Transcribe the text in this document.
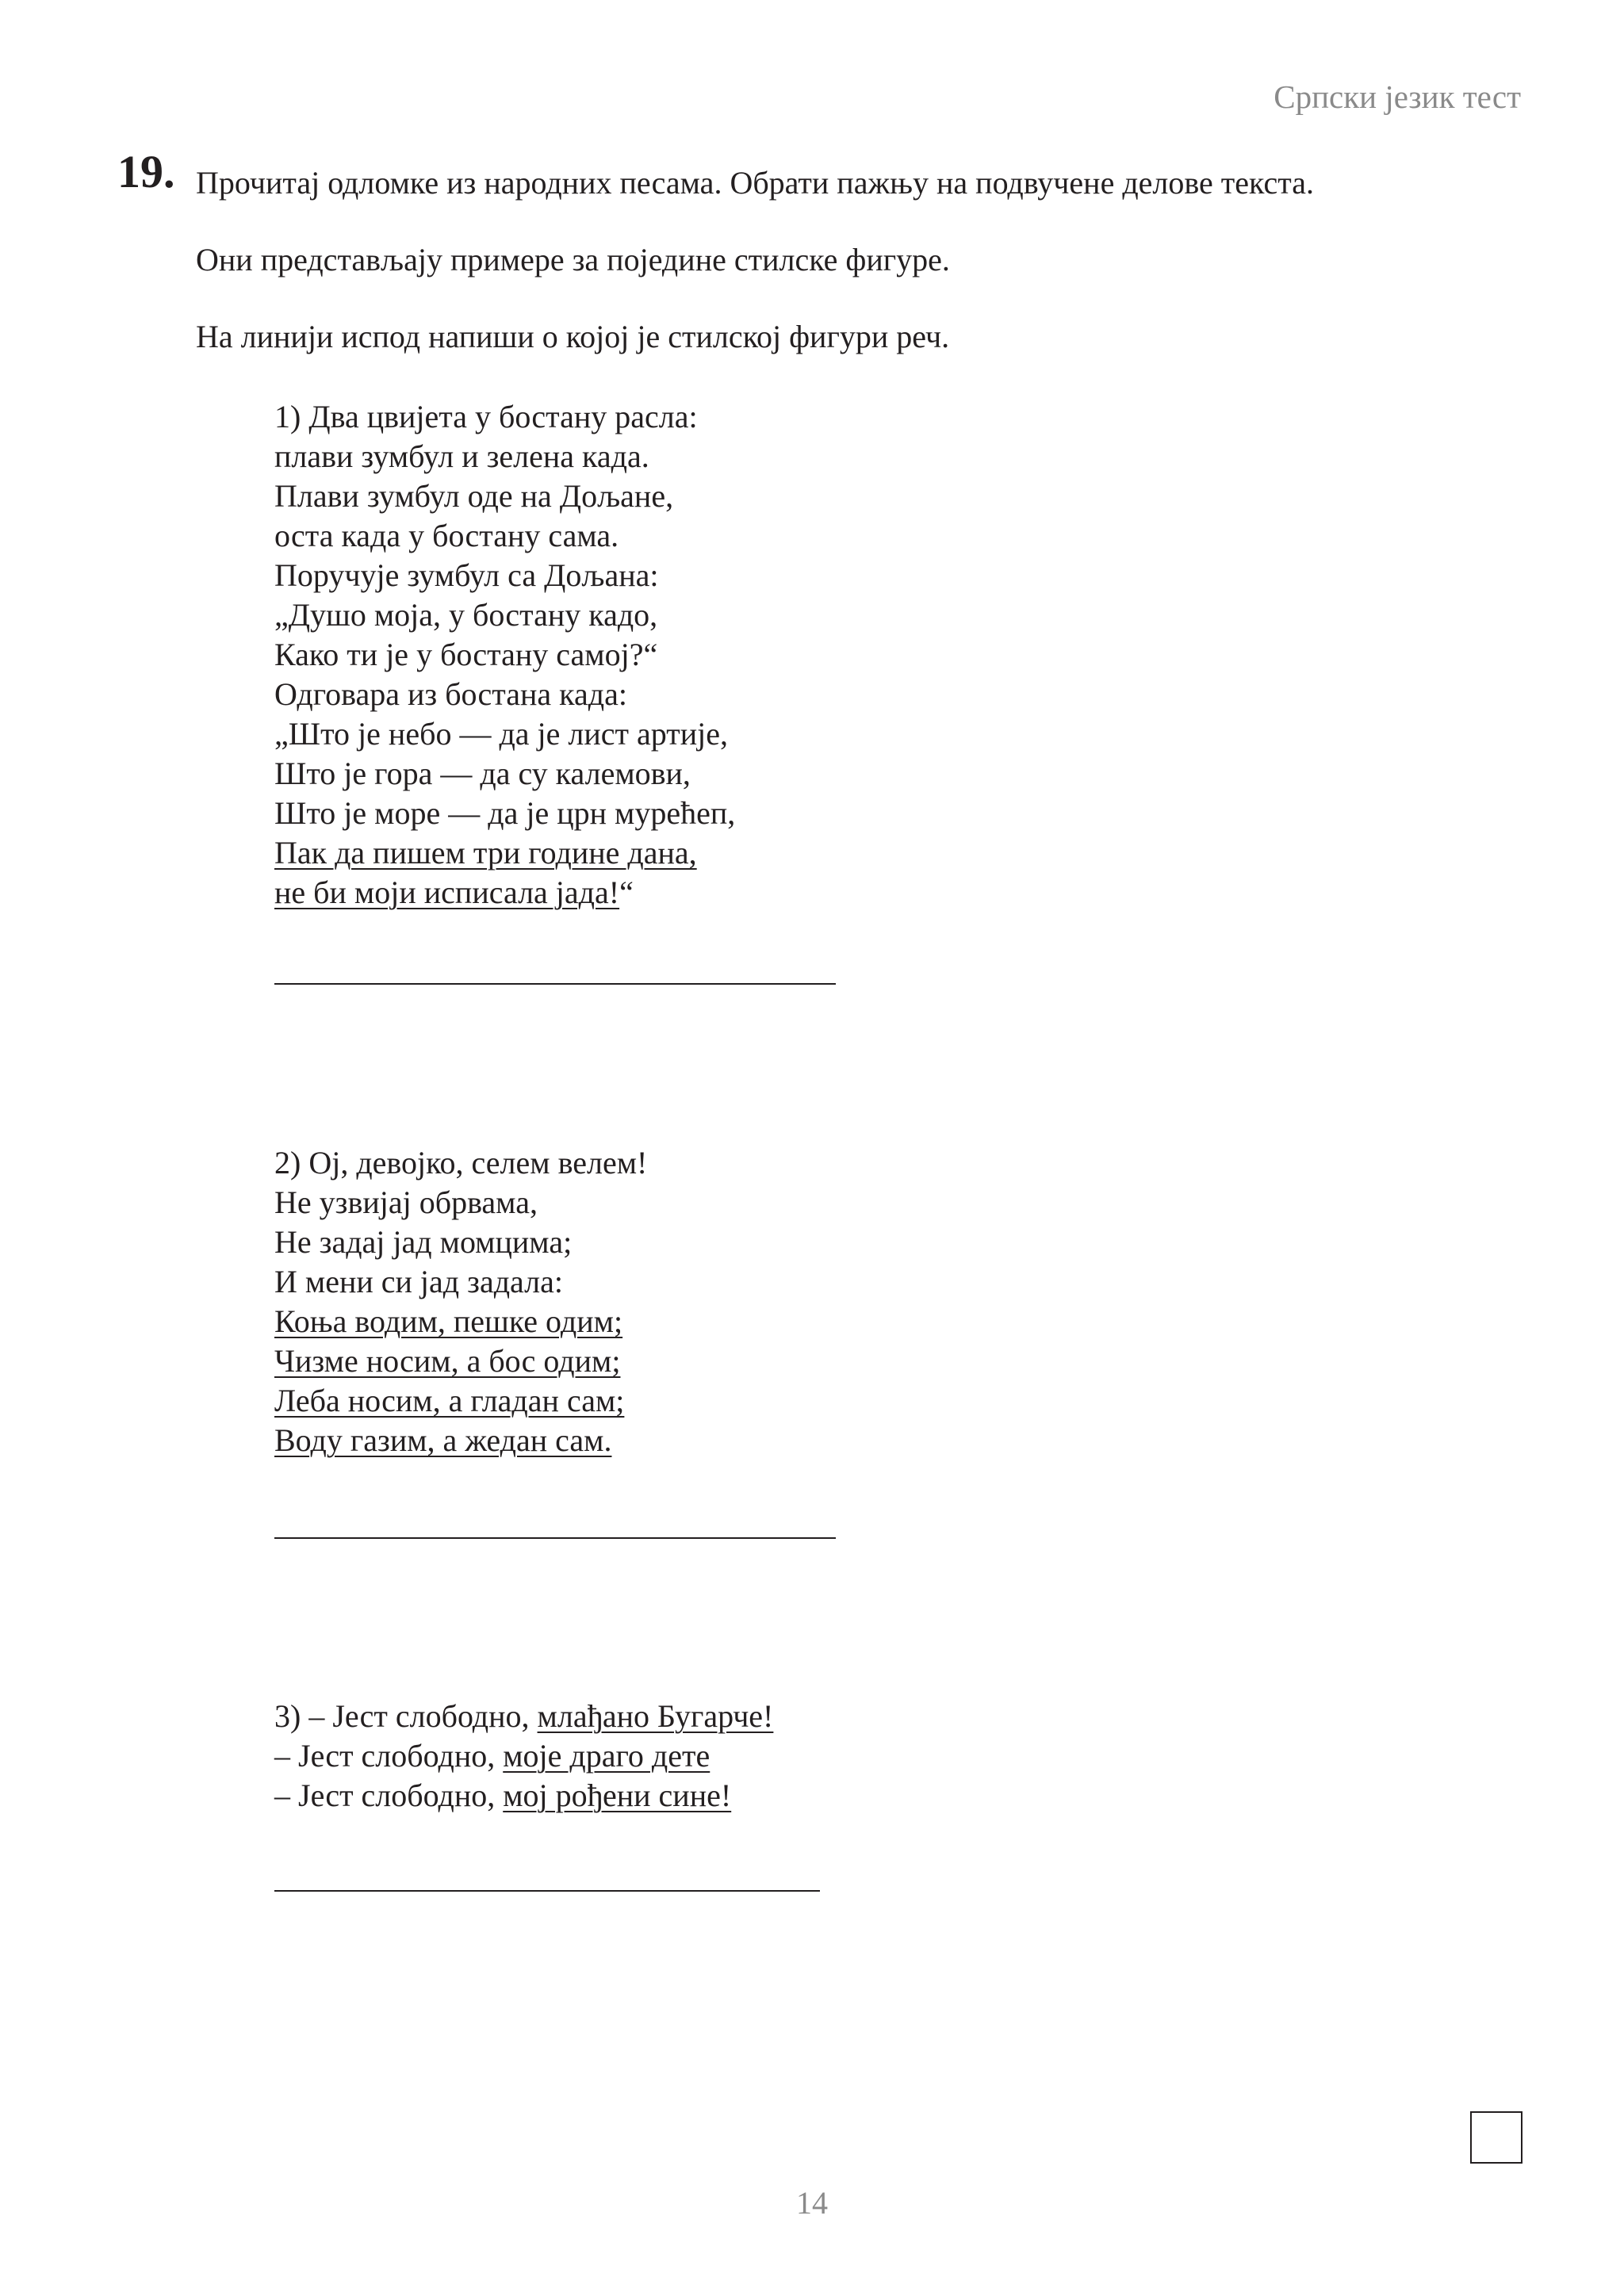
Српски језик тест
19. Прочитај одломке из народних песама. Обрати пажњу на подвучене делове текста.
Они представљају примере за поједине стилске фигуре.
На линији испод напиши о којој је стилској фигури реч.
1) Два цвијета у бостану расла:
плави зумбул и зелена када.
Плави зумбул оде на Дољане,
оста када у бостану сама.
Поручује зумбул са Дољана:
„Душо моја, у бостану кадо,
Како ти је у бостану самој?“
Одговара из бостана када:
„Што је небо — да је лист артије,
Што је гора — да су калемови,
Што је море — да је црн мурећеп,
Пак да пишем три године дана,
не би моји исписала јада!“
2) Ој, девојко, селем велем!
Не узвијај обрвама,
Не задај јад момцима;
И мени си јад задала:
Коња водим, пешке одим;
Чизме носим, а бос одим;
Леба носим, а гладан сам;
Воду газим, а жедан сам.
3) – Јест слободно, млађано Бугарче!
– Јест слободно, моје драго дете
– Јест слободно, мој рођени сине!
14
